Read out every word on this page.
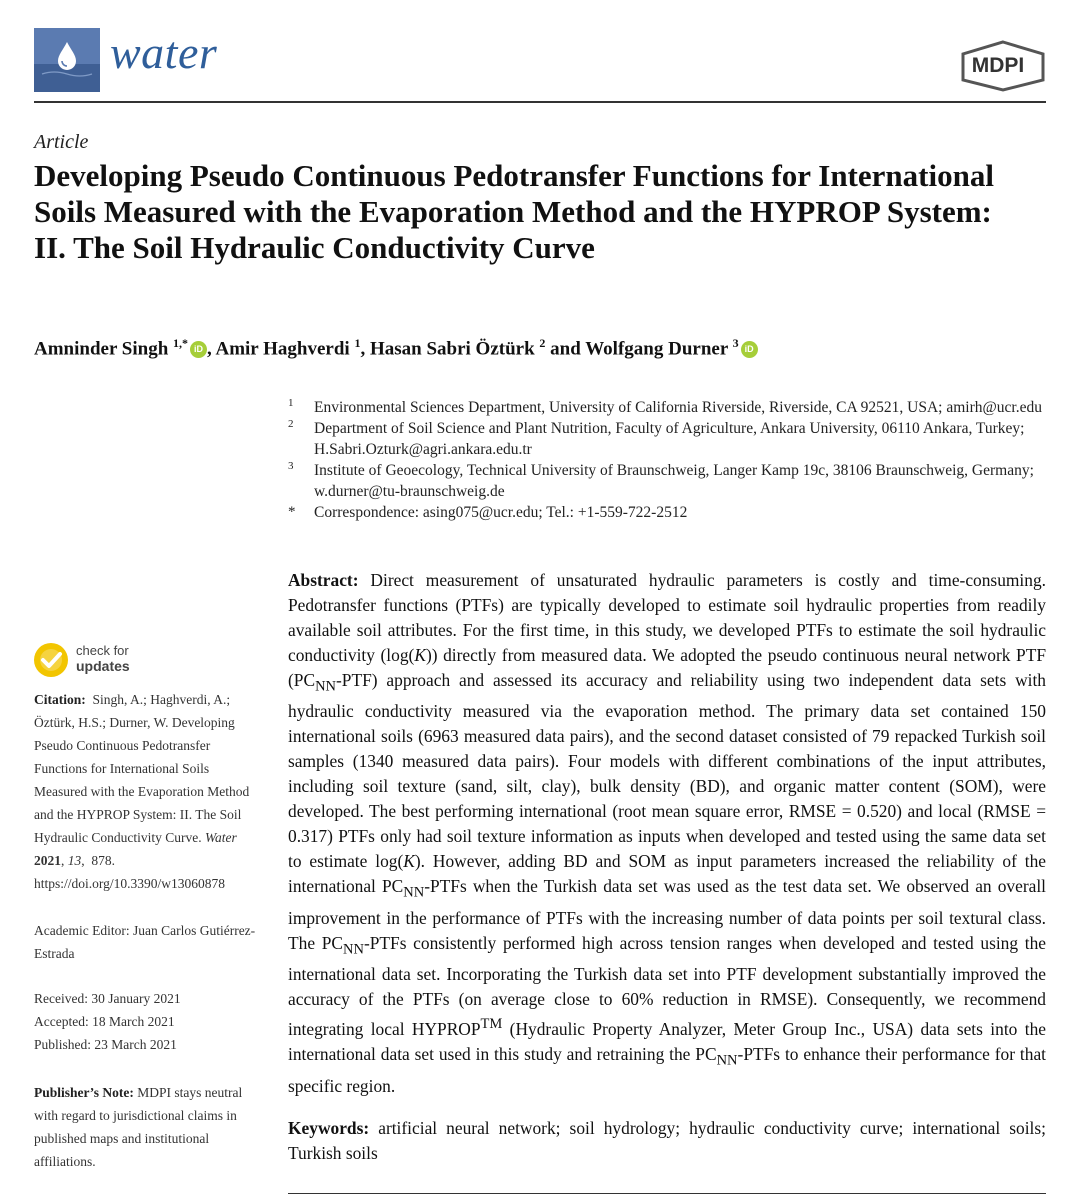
water	MDPI
Article
Developing Pseudo Continuous Pedotransfer Functions for International Soils Measured with the Evaporation Method and the HYPROP System: II. The Soil Hydraulic Conductivity Curve
Amninder Singh $^{1,*}$ iD , Amir Haghverdi $^1$, Hasan Sabri Öztürk $^2$ and Wolfgang Durner $^3$ iD
1 Environmental Sciences Department, University of California Riverside, Riverside, CA 92521, USA; amirh@ucr.edu
2 Department of Soil Science and Plant Nutrition, Faculty of Agriculture, Ankara University, 06110 Ankara, Turkey; H.Sabri.Ozturk@agri.ankara.edu.tr
3 Institute of Geoecology, Technical University of Braunschweig, Langer Kamp 19c, 38106 Braunschweig, Germany; w.durner@tu-braunschweig.de
* Correspondence: asing075@ucr.edu; Tel.: +1-559-722-2512
Abstract: Direct measurement of unsaturated hydraulic parameters is costly and time-consuming. Pedotransfer functions (PTFs) are typically developed to estimate soil hydraulic properties from readily available soil attributes. For the first time, in this study, we developed PTFs to estimate the soil hydraulic conductivity (log(K)) directly from measured data. We adopted the pseudo continuous neural network PTF $(PC_{NN}-PTF)$ approach and assessed its accuracy and reliability using two independent data sets with hydraulic conductivity measured via the evaporation method. The primary data set contained 150 international soils (6963 measured data pairs), and the second dataset consisted of 79 repacked Turkish soil samples (1340 measured data pairs). Four models with different combinations of the input attributes, including soil texture (sand, silt, clay), bulk density (BD), and organic matter content (SOM), were developed. The best performing international (root mean square error, RMSE = 0.520) and local (RMSE = 0.317) PTFs only had soil texture information as inputs when developed and tested using the same data set to estimate log(K). However, adding BD and SOM as input parameters increased the reliability of the international $PC_{NN}$-PTFs when the Turkish data set was used as the test data set. We observed an overall improvement in the performance of PTFs with the increasing number of data points per soil textural class. The $PC_{NN}$-PTFs consistently performed high across tension ranges when developed and tested using the international data set. Incorporating the Turkish data set into PTF development substantially improved the accuracy of the PTFs (on average close to 60% reduction in RMSE). Consequently, we recommend integrating local HYPROP™ (Hydraulic Property Analyzer, Meter Group Inc., USA) data sets into the international data set used in this study and retraining the $PC_{NN}$-PTFs to enhance their performance for that specific region.
Keywords: artificial neural network; soil hydrology; hydraulic conductivity curve; international soils; Turkish soils
check for
updates
Citation: Singh, A.; Haghverdi, A.; Öztürk, H.S.; Durner, W. Developing Pseudo Continuous Pedotransfer Functions for International Soils Measured with the Evaporation Method and the HYPROP System: II. The Soil Hydraulic Conductivity Curve. Water 2021, 13,  878. https://doi.org/10.3390/w13060878
Academic Editor: Juan Carlos Gutiérrez-Estrada
Received: 30 January 2021
Accepted: 18 March 2021
Published: 23 March 2021
Publisher’s Note: MDPI stays neutral with regard to jurisdictional claims in published maps and institutional affiliations.
